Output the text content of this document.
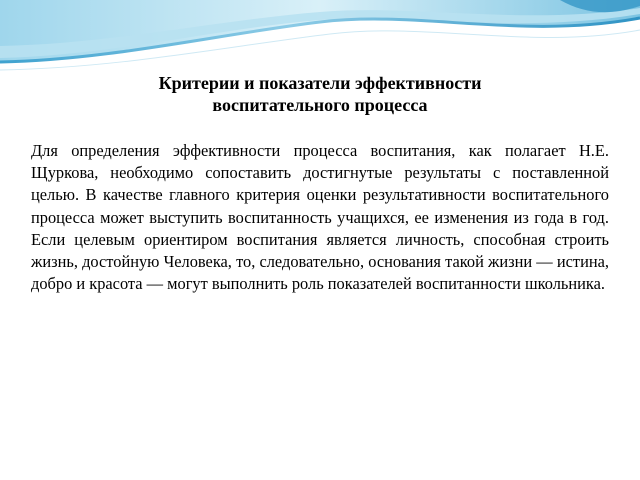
Критерии и показатели эффективности
воспитательного процесса

Для определения эффективности процесса воспитания, как полагает Н.Е. Щуркова, необходимо сопоставить достигнутые результаты с поставленной целью. В качестве главного критерия оценки результативности воспитательного процесса может выступить воспитанность учащихся, ее изменения из года в год. Если целевым ориентиром воспитания является личность, способная строить жизнь, достойную Человека, то, следовательно, основания такой жизни — истина, добро и красота — могут выполнить роль показателей воспитанности школьника.
